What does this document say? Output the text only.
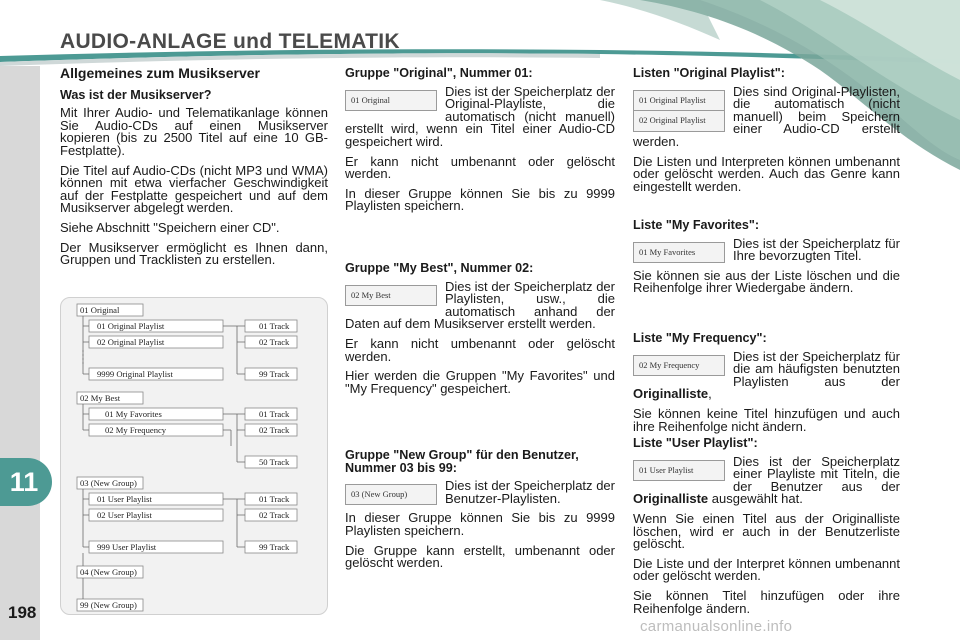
AUDIO-ANLAGE und TELEMATIK
11
198
Allgemeines zum Musikserver
Was ist der Musikserver?

Mit Ihrer Audio- und Telematikanlage können Sie Audio-CDs auf einen Musikserver kopieren (bis zu 2500 Titel auf eine 10 GB-Festplatte).

Die Titel auf Audio-CDs (nicht MP3 und WMA) können mit etwa vierfacher Geschwindigkeit auf der Festplatte gespeichert und auf dem Musikserver abgelegt werden.

Siehe Abschnitt "Speichern einer CD".

Der Musikserver ermöglicht es Ihnen dann, Gruppen und Tracklisten zu erstellen.

01 Original
01 Original Playlist
02 Original Playlist
9999 Original Playlist
02 My Best
01 My Favorites
02 My Frequency
03 (New Group)
01 User Playlist
02 User Playlist
999 User Playlist
04 (New Group)
99 (New Group)
01 Track
02 Track
99 Track
01 Track
02 Track
50 Track
01 Track
02 Track
99 Track
Gruppe "Original", Nummer 01:
01 Original

Dies ist der Speicherplatz der Original-Playliste, die automatisch (nicht manuell) erstellt wird, wenn ein Titel einer Audio-CD gespeichert wird.

Er kann nicht umbenannt oder gelöscht werden.

In dieser Gruppe können Sie bis zu 9999 Playlisten speichern.

Gruppe "My Best", Nummer 02:
02 My Best

Dies ist der Speicherplatz der Playlisten, usw., die automatisch anhand der Daten auf dem Musikserver erstellt werden.

Er kann nicht umbenannt oder gelöscht werden.

Hier werden die Gruppen "My Favorites" und "My Frequency" gespeichert.

Gruppe "New Group" für den Benutzer, Nummer 03 bis 99:
03 (New Group)

Dies ist der Speicherplatz der Benutzer-Playlisten.

In dieser Gruppe können Sie bis zu 9999 Playlisten speichern.

Die Gruppe kann erstellt, umbenannt oder gelöscht werden.

Listen "Original Playlist":
01 Original Playlist
02 Original Playlist

Dies sind Original-Playlisten, die automatisch (nicht manuell) beim Speichern einer Audio-CD erstellt werden.

Die Listen und Interpreten können umbenannt oder gelöscht werden. Auch das Genre kann eingestellt werden.

Liste "My Favorites":
01 My Favorites

Dies ist der Speicherplatz für Ihre bevorzugten Titel.

Sie können sie aus der Liste löschen und die Reihenfolge ihrer Wiedergabe ändern.

Liste "My Frequency":
02 My Frequency

Dies ist der Speicherplatz für die am häufigsten benutzten Playlisten aus der Originalliste,

Sie können keine Titel hinzufügen und auch ihre Reihenfolge nicht ändern.

Liste "User Playlist":
01 User Playlist

Dies ist der Speicherplatz einer Playliste mit Titeln, die der Benutzer aus der Originalliste ausgewählt hat.

Wenn Sie einen Titel aus der Originalliste löschen, wird er auch in der Benutzerliste gelöscht.

Die Liste und der Interpret können umbenannt oder gelöscht werden.

Sie können Titel hinzufügen oder ihre Reihenfolge ändern.

carmanualsonline.info
